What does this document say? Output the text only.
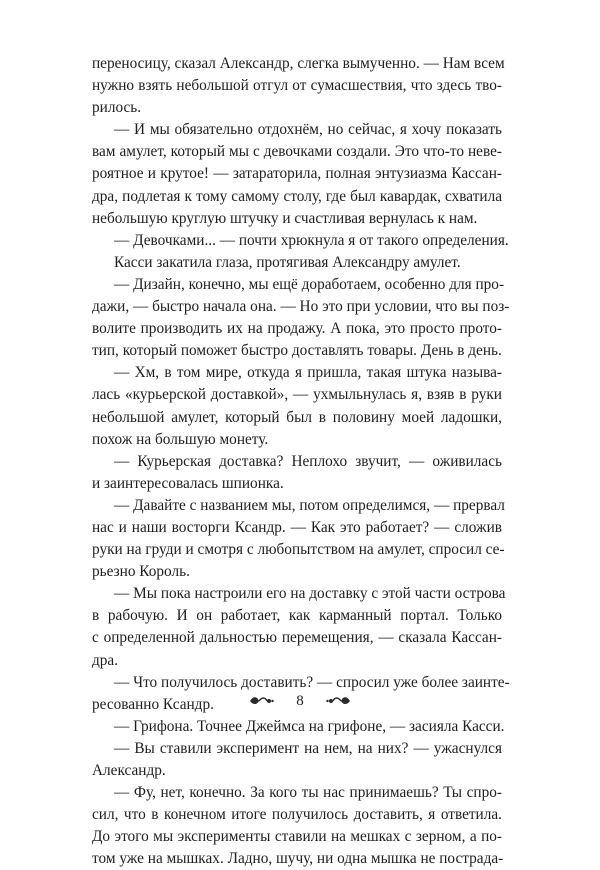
переносицу, сказал Александр, слегка вымученно. — Нам всем
нужно взять небольшой отгул от сумасшествия, что здесь тво-
рилось.
— И мы обязательно отдохнём, но сейчас, я хочу показать
вам амулет, который мы с девочками создали. Это что-то неве-
роятное и крутое! — затараторила, полная энтузиазма Кассан-
дра, подлетая к тому самому столу, где был кавардак, схватила
небольшую круглую штучку и счастливая вернулась к нам.
— Девочками... — почти хрюкнула я от такого определения.
Касси закатила глаза, протягивая Александру амулет.
— Дизайн, конечно, мы ещё доработаем, особенно для про-
дажи, — быстро начала она. — Но это при условии, что вы поз-
волите производить их на продажу. А пока, это просто прото-
тип, который поможет быстро доставлять товары. День в день.
— Хм, в том мире, откуда я пришла, такая штука называ-
лась «курьерской доставкой», — ухмыльнулась я, взяв в руки
небольшой амулет, который был в половину моей ладошки,
похож на большую монету.
— Курьерская доставка? Неплохо звучит, — оживилась
и заинтересовалась шпионка.
— Давайте с названием мы, потом определимся, — прервал
нас и наши восторги Ксандр. — Как это работает? — сложив
руки на груди и смотря с любопытством на амулет, спросил се-
рьезно Король.
— Мы пока настроили его на доставку с этой части острова
в рабочую. И он работает, как карманный портал. Только
с определенной дальностью перемещения, — сказала Кассан-
дра.
— Что получилось доставить? — спросил уже более заинте-
ресованно Ксандр.
— Грифона. Точнее Джеймса на грифоне, — засияла Касси.
— Вы ставили эксперимент на нем, на них? — ужаснулся
Александр.
— Фу, нет, конечно. За кого ты нас принимаешь? Ты спро-
сил, что в конечном итоге получилось доставить, я ответила.
До этого мы эксперименты ставили на мешках с зерном, а по-
том уже на мышках. Ладно, шучу, ни одна мышка не пострада-
8
